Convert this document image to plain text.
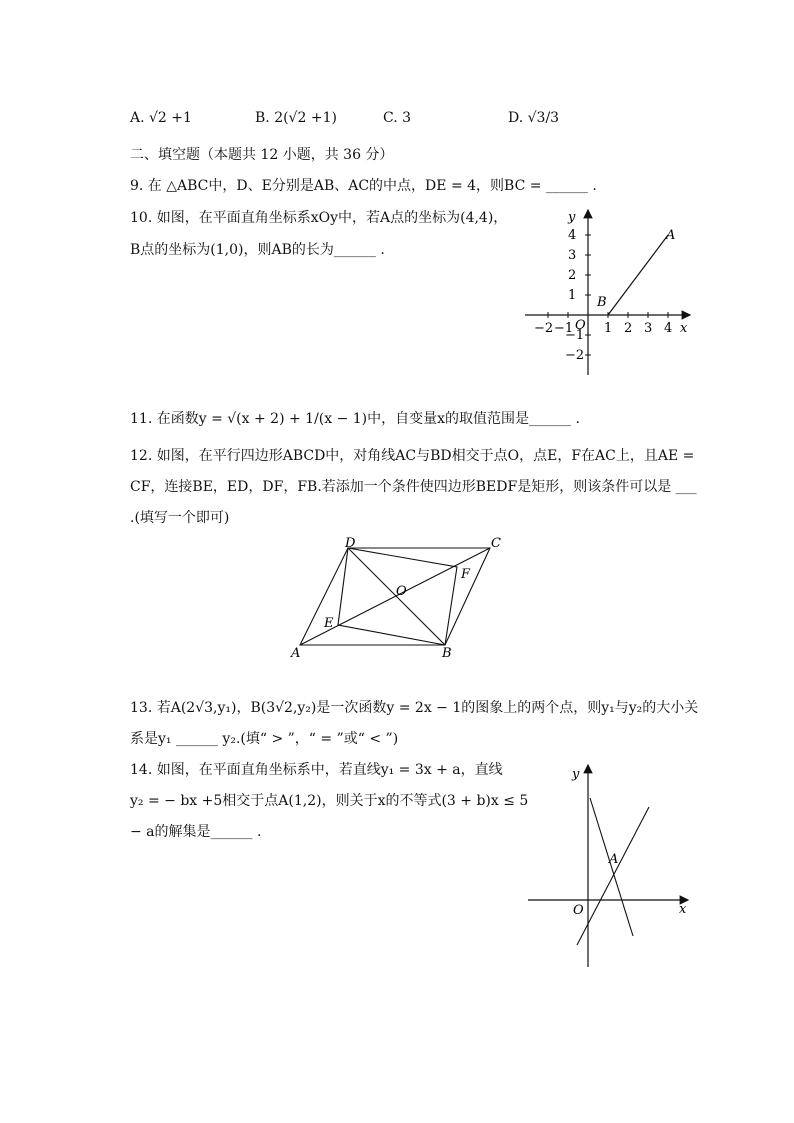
A. √2 +1	B. 2(√2 +1)	C. 3	D. √3/3
二、填空题（本题共 12 小题，共 36 分）
9. 在 △ABC中，D、E分别是AB、AC的中点，DE = 4，则BC = ______ .
10. 如图，在平面直角坐标系xOy中，若A点的坐标为(4,4)，
B点的坐标为(1,0)，则AB的长为______ .
y
x
O
A
B
4
3
2
1
−1
−2
1 2 3 4
−2 −1
11. 在函数y = √(x + 2) + 1/(x − 1)中，自变量x的取值范围是______ .
12. 如图，在平行四边形ABCD中，对角线AC与BD相交于点O，点E，F在AC上，且AE =
CF，连接BE，ED，DF，FB.若添加一个条件使四边形BEDF是矩形，则该条件可以是 ___
.(填写一个即可)
A	B
C
D
E
F
O
13. 若A(2√3,y₁)，B(3√2,y₂)是一次函数y = 2x − 1的图象上的两个点，则y₁与y₂的大小关
系是y₁ ______ y₂.(填“ > ”，“ = ”或“ < ”)
14. 如图，在平面直角坐标系中，若直线y₁ = 3x + a，直线
y₂ = − bx +5相交于点A(1,2)，则关于x的不等式(3 + b)x ≤ 5
− a的解集是______ .
y
x
O
A
